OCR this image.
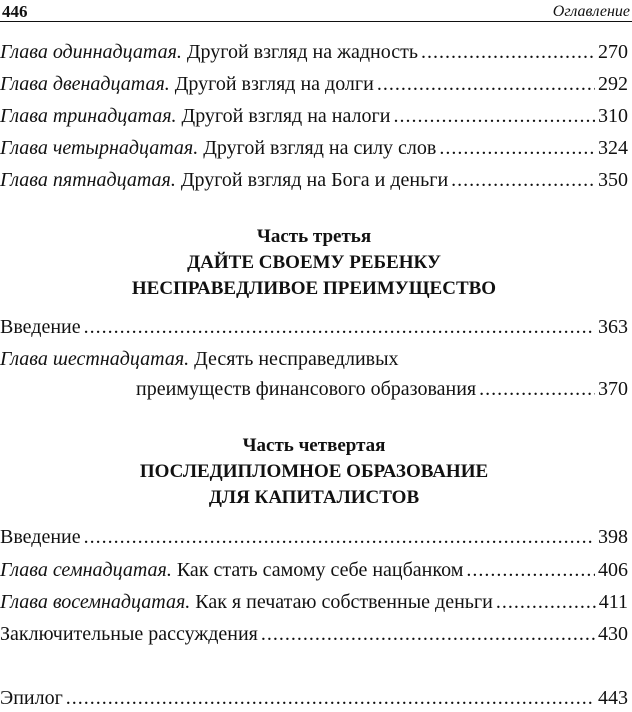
446	Оглавление
Глава одиннадцатая. Другой взгляд на жадность .....	270
Глава двенадцатая. Другой взгляд на долги .....	292
Глава тринадцатая. Другой взгляд на налоги .....	310
Глава четырнадцатая. Другой взгляд на силу слов .....	324
Глава пятнадцатая. Другой взгляд на Бога и деньги .....	350
Часть третья
ДАЙТЕ СВОЕМУ РЕБЕНКУ
НЕСПРАВЕДЛИВОЕ ПРЕИМУЩЕСТВО
Введение .....	363
Глава шестнадцатая. Десять несправедливых
преимуществ финансового образования .....	370
Часть четвертая
ПОСЛЕДИПЛОМНОЕ ОБРАЗОВАНИЕ
ДЛЯ КАПИТАЛИСТОВ
Введение .....	398
Глава семнадцатая. Как стать самому себе нацбанком .....	406
Глава восемнадцатая. Как я печатаю собственные деньги .....	411
Заключительные рассуждения .....	430
Эпилог .....	443
